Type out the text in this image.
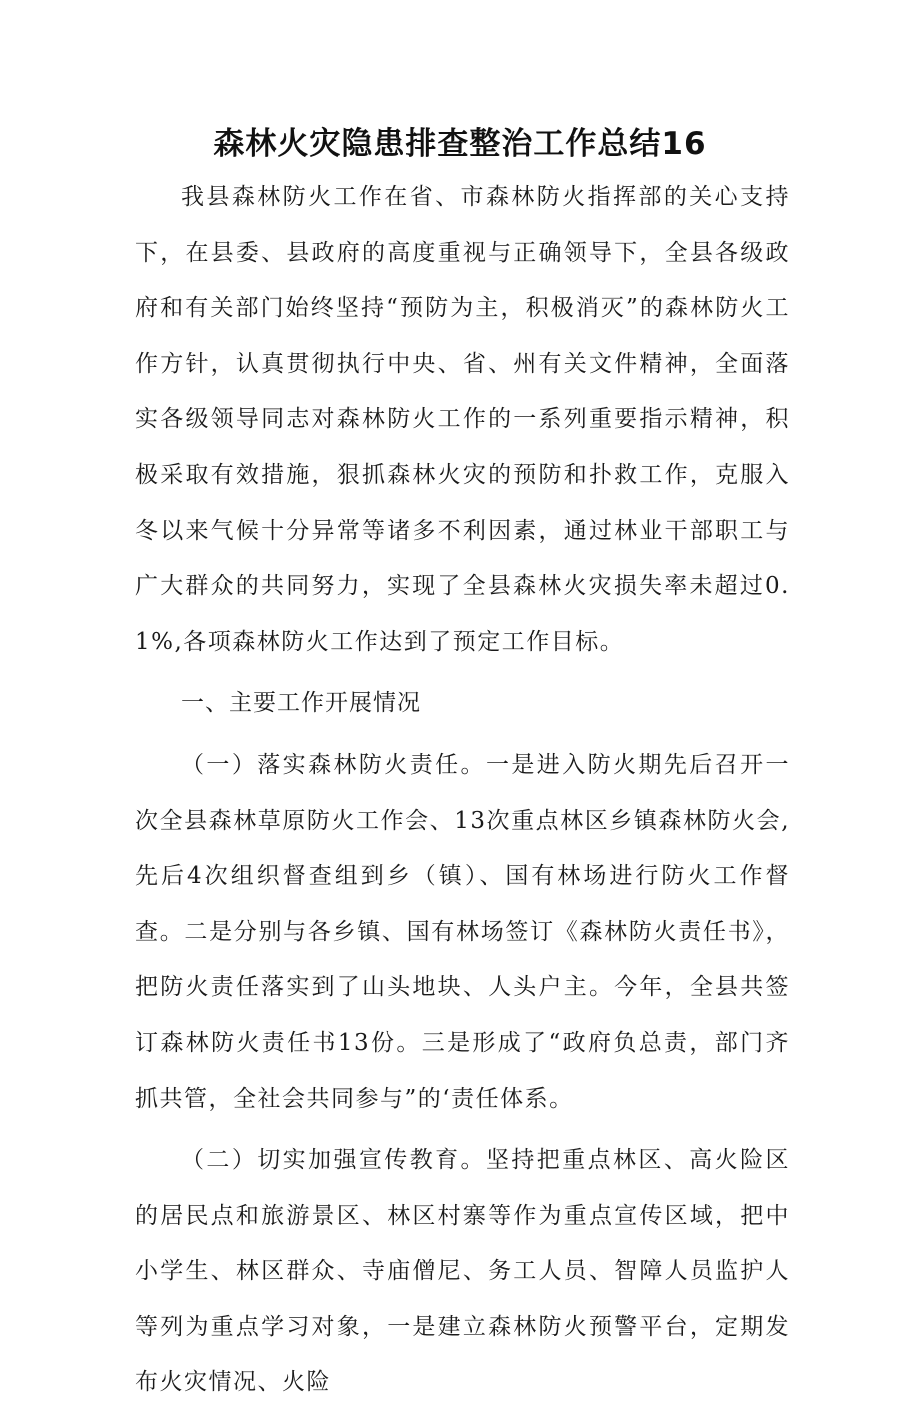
森林火灾隐患排查整治工作总结16

我县森林防火工作在省、市森林防火指挥部的关心支持下，在县委、县政府的高度重视与正确领导下，全县各级政府和有关部门始终坚持“预防为主，积极消灭”的森林防火工作方针，认真贯彻执行中央、省、州有关文件精神，全面落实各级领导同志对森林防火工作的一系列重要指示精神，积极采取有效措施，狠抓森林火灾的预防和扑救工作，克服入冬以来气候十分异常等诸多不利因素，通过林业干部职工与广大群众的共同努力，实现了全县森林火灾损失率未超过0.1%,各项森林防火工作达到了预定工作目标。

一、主要工作开展情况

（一）落实森林防火责任。一是进入防火期先后召开一次全县森林草原防火工作会、13次重点林区乡镇森林防火会,先后4次组织督查组到乡（镇）、国有林场进行防火工作督查。二是分别与各乡镇、国有林场签订《森林防火责任书》，把防火责任落实到了山头地块、人头户主。今年，全县共签订森林防火责任书13份。三是形成了“政府负总责，部门齐抓共管，全社会共同参与”的‘责任体系。

（二）切实加强宣传教育。坚持把重点林区、高火险区的居民点和旅游景区、林区村寨等作为重点宣传区域，把中小学生、林区群众、寺庙僧尼、务工人员、智障人员监护人等列为重点学习对象，一是建立森林防火预警平台，定期发布火灾情况、火险
